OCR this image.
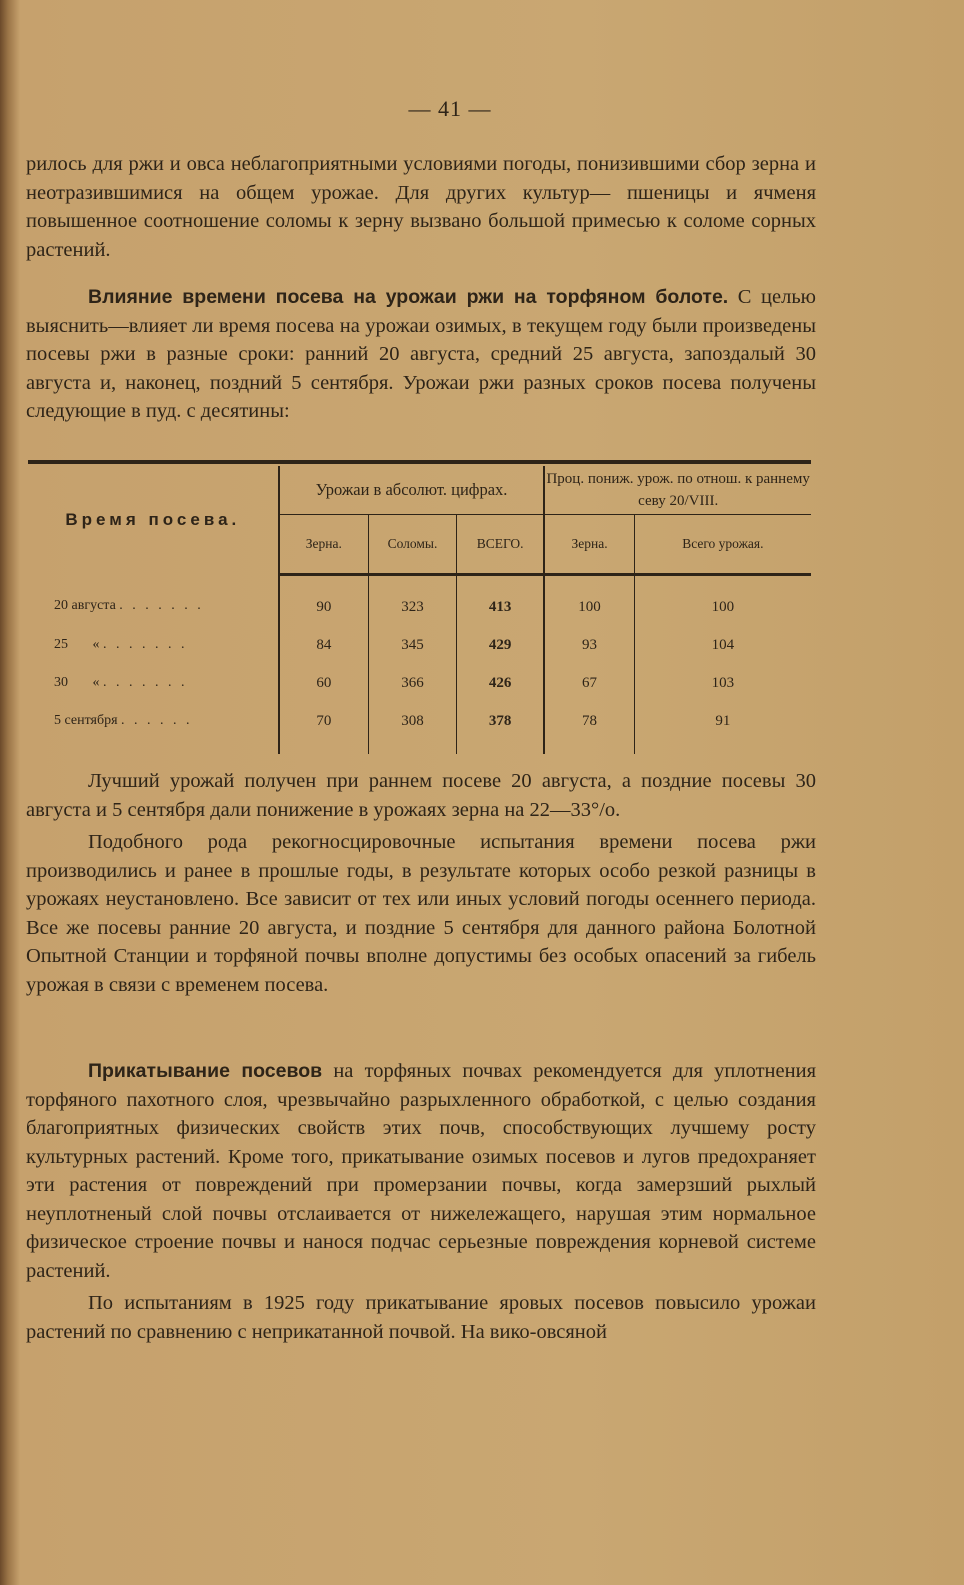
— 41 —

рилось для ржи и овса неблагоприятными условиями погоды, понизившими сбор зерна и неотразившимися на общем урожае. Для других культур— пшеницы и ячменя повышенное соотношение соломы к зерну вызвано большой примесью к соломе сорных растений.

Влияние времени посева на урожаи ржи на торфяном болоте. С целью выяснить—влияет ли время посева на урожаи озимых, в текущем году были произведены посевы ржи в разные сроки: ранний 20 августа, средний 25 августа, запоздалый 30 августа и, наконец, поздний 5 сентября. Урожаи ржи разных сроков посева получены следующие в пуд. с десятины:

Время посева.	Урожаи в абсолют. цифрах.			Проц. пониж. урож. по отнош. к раннему севу 20/VIII.	
	Зерна.	Соломы.	ВСЕГО.	Зерна.	Всего урожая.
20 августа . . . . . . .	90	323	413	100	100
25       « . . . . . . .	84	345	429	93	104
30       « . . . . . . .	60	366	426	67	103
5 сентября . . . . . .	70	308	378	78	91

Лучший урожай получен при раннем посеве 20 августа, а поздние посевы 30 августа и 5 сентября дали понижение в урожаях зерна на 22—33°/о.

Подобного рода рекогносцировочные испытания времени посева ржи производились и ранее в прошлые годы, в результате которых особо резкой разницы в урожаях неустановлено. Все зависит от тех или иных условий погоды осеннего периода. Все же посевы ранние 20 августа, и поздние 5 сентября для данного района Болотной Опытной Станции и торфяной почвы вполне допустимы без особых опасений за гибель урожая в связи с временем посева.

Прикатывание посевов на торфяных почвах рекомендуется для уплотнения торфяного пахотного слоя, чрезвычайно разрыхленного обработкой, с целью создания благоприятных физических свойств этих почв, способствующих лучшему росту культурных растений. Кроме того, прикатывание озимых посевов и лугов предохраняет эти растения от повреждений при промерзании почвы, когда замерзший рыхлый неуплотненый слой почвы отслаивается от нижележащего, нарушая этим нормальное физическое строение почвы и нанося подчас серьезные повреждения корневой системе растений.

По испытаниям в 1925 году прикатывание яровых посевов повысило урожаи растений по сравнению с неприкатанной почвой. На вико-овсяной
